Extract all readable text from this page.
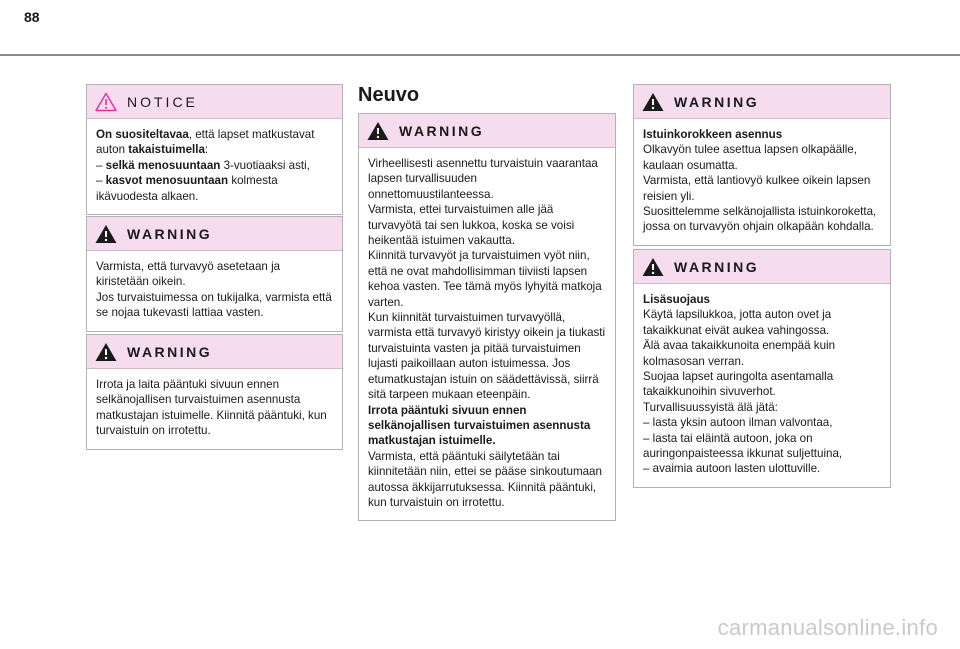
88
NOTICE

On suositeltavaa, että lapset matkustavat

auton takaistuimella:

– selkä menosuuntaan 3-vuotiaaksi asti,

– kasvot menosuuntaan kolmesta

ikävuodesta alkaen.

WARNING

Varmista, että turvavyö asetetaan ja

kiristetään oikein.

Jos turvaistuimessa on tukijalka, varmista että

se nojaa tukevasti lattiaa vasten.

WARNING

Irrota ja laita pääntuki sivuun ennen

selkänojallisen turvaistuimen asennusta

matkustajan istuimelle. Kiinnitä pääntuki, kun

turvaistuin on irrotettu.

Neuvo
WARNING

Virheellisesti asennettu turvaistuin vaarantaa

lapsen turvallisuuden

onnettomuustilanteessa.

Varmista, ettei turvaistuimen alle jää

turvavyötä tai sen lukkoa, koska se voisi

heikentää istuimen vakautta.

Kiinnitä turvavyöt ja turvaistuimen vyöt niin,

että ne ovat mahdollisimman tiiviisti lapsen

kehoa vasten. Tee tämä myös lyhyitä matkoja

varten.

Kun kiinnität turvaistuimen turvavyöllä,

varmista että turvavyö kiristyy oikein ja tiukasti

turvaistuinta vasten ja pitää turvaistuimen

lujasti paikoillaan auton istuimessa. Jos

etumatkustajan istuin on säädettävissä, siirrä

sitä tarpeen mukaan eteenpäin.

Irrota pääntuki sivuun ennen

selkänojallisen turvaistuimen asennusta

matkustajan istuimelle.

Varmista, että pääntuki säilytetään tai

kiinnitetään niin, ettei se pääse sinkoutumaan

autossa äkkijarrutuksessa. Kiinnitä pääntuki,

kun turvaistuin on irrotettu.

WARNING

Istuinkorokkeen asennus

Olkavyön tulee asettua lapsen olkapäälle,

kaulaan osumatta.

Varmista, että lantiovyö kulkee oikein lapsen

reisien yli.

Suosittelemme selkänojallista istuinkoroketta,

jossa on turvavyön ohjain olkapään kohdalla.

WARNING

Lisäsuojaus

Käytä lapsilukkoa, jotta auton ovet ja

takaikkunat eivät aukea vahingossa.

Älä avaa takaikkunoita enempää kuin

kolmasosan verran.

Suojaa lapset auringolta asentamalla

takaikkunoihin sivuverhot.

Turvallisuussyistä älä jätä:

– lasta yksin autoon ilman valvontaa,

– lasta tai eläintä autoon, joka on

auringonpaisteessa ikkunat suljettuina,

– avaimia autoon lasten ulottuville.

carmanualsonline.info
